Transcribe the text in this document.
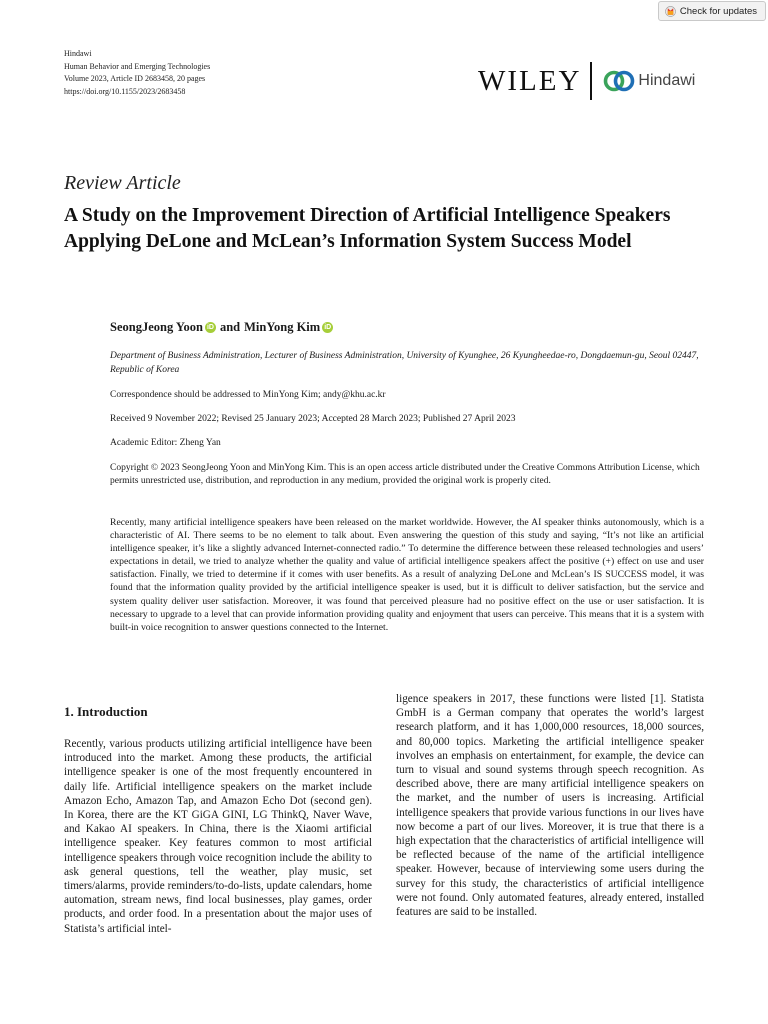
Check for updates
Hindawi
Human Behavior and Emerging Technologies
Volume 2023, Article ID 2683458, 20 pages
https://doi.org/10.1155/2023/2683458	WILEY	Hindawi
Review Article
A Study on the Improvement Direction of Artificial Intelligence Speakers Applying DeLone and McLean’s Information System Success Model
SeongJeong Yoon iD and MinYong Kim iD
Department of Business Administration, Lecturer of Business Administration, University of Kyunghee, 26 Kyungheedae-ro, Dongdaemun-gu, Seoul 02447, Republic of Korea
Correspondence should be addressed to MinYong Kim; andy@khu.ac.kr
Received 9 November 2022; Revised 25 January 2023; Accepted 28 March 2023; Published 27 April 2023
Academic Editor: Zheng Yan
Copyright © 2023 SeongJeong Yoon and MinYong Kim. This is an open access article distributed under the Creative Commons Attribution License, which permits unrestricted use, distribution, and reproduction in any medium, provided the original work is properly cited.

Recently, many artificial intelligence speakers have been released on the market worldwide. However, the AI speaker thinks autonomously, which is a characteristic of AI. There seems to be no element to talk about. Even answering the question of this study and saying, “It’s not like an artificial intelligence speaker, it’s like a slightly advanced Internet-connected radio.” To determine the difference between these released technologies and users’ expectations in detail, we tried to analyze whether the quality and value of artificial intelligence speakers affect the positive (+) effect on use and user satisfaction. Finally, we tried to determine if it comes with user benefits. As a result of analyzing DeLone and McLean’s IS SUCCESS model, it was found that the information quality provided by the artificial intelligence speaker is used, but it is difficult to deliver satisfaction, but the service and system quality deliver user satisfaction. Moreover, it was found that perceived pleasure had no positive effect on the use or user satisfaction. It is necessary to upgrade to a level that can provide information providing quality and enjoyment that users can perceive. This means that it is a system with built-in voice recognition to answer questions connected to the Internet.

1. Introduction

Recently, various products utilizing artificial intelligence have been introduced into the market. Among these products, the artificial intelligence speaker is one of the most frequently encountered in daily life. Artificial intelligence speakers on the market include Amazon Echo, Amazon Tap, and Amazon Echo Dot (second gen). In Korea, there are the KT GiGA GINI, LG ThinkQ, Naver Wave, and Kakao AI speakers. In China, there is the Xiaomi artificial intelligence speaker. Key features common to most artificial intelligence speakers through voice recognition include the ability to ask general questions, tell the weather, play music, set timers/alarms, provide reminders/to-do-lists, update calendars, home automation, stream news, find local businesses, play games, order products, and order food. In a presentation about the major uses of Statista’s artificial intel-

ligence speakers in 2017, these functions were listed [1]. Statista GmbH is a German company that operates the world’s largest research platform, and it has 1,000,000 resources, 18,000 sources, and 80,000 topics. Marketing the artificial intelligence speaker involves an emphasis on entertainment, for example, the device can turn to visual and sound systems through speech recognition. As described above, there are many artificial intelligence speakers on the market, and the number of users is increasing. Artificial intelligence speakers that provide various functions in our lives have now become a part of our lives. Moreover, it is true that there is a high expectation that the characteristics of artificial intelligence will be reflected because of the name of the artificial intelligence speaker. However, because of interviewing some users during the survey for this study, the characteristics of artificial intelligence were not found. Only automated features, already entered, installed features are said to be installed.
